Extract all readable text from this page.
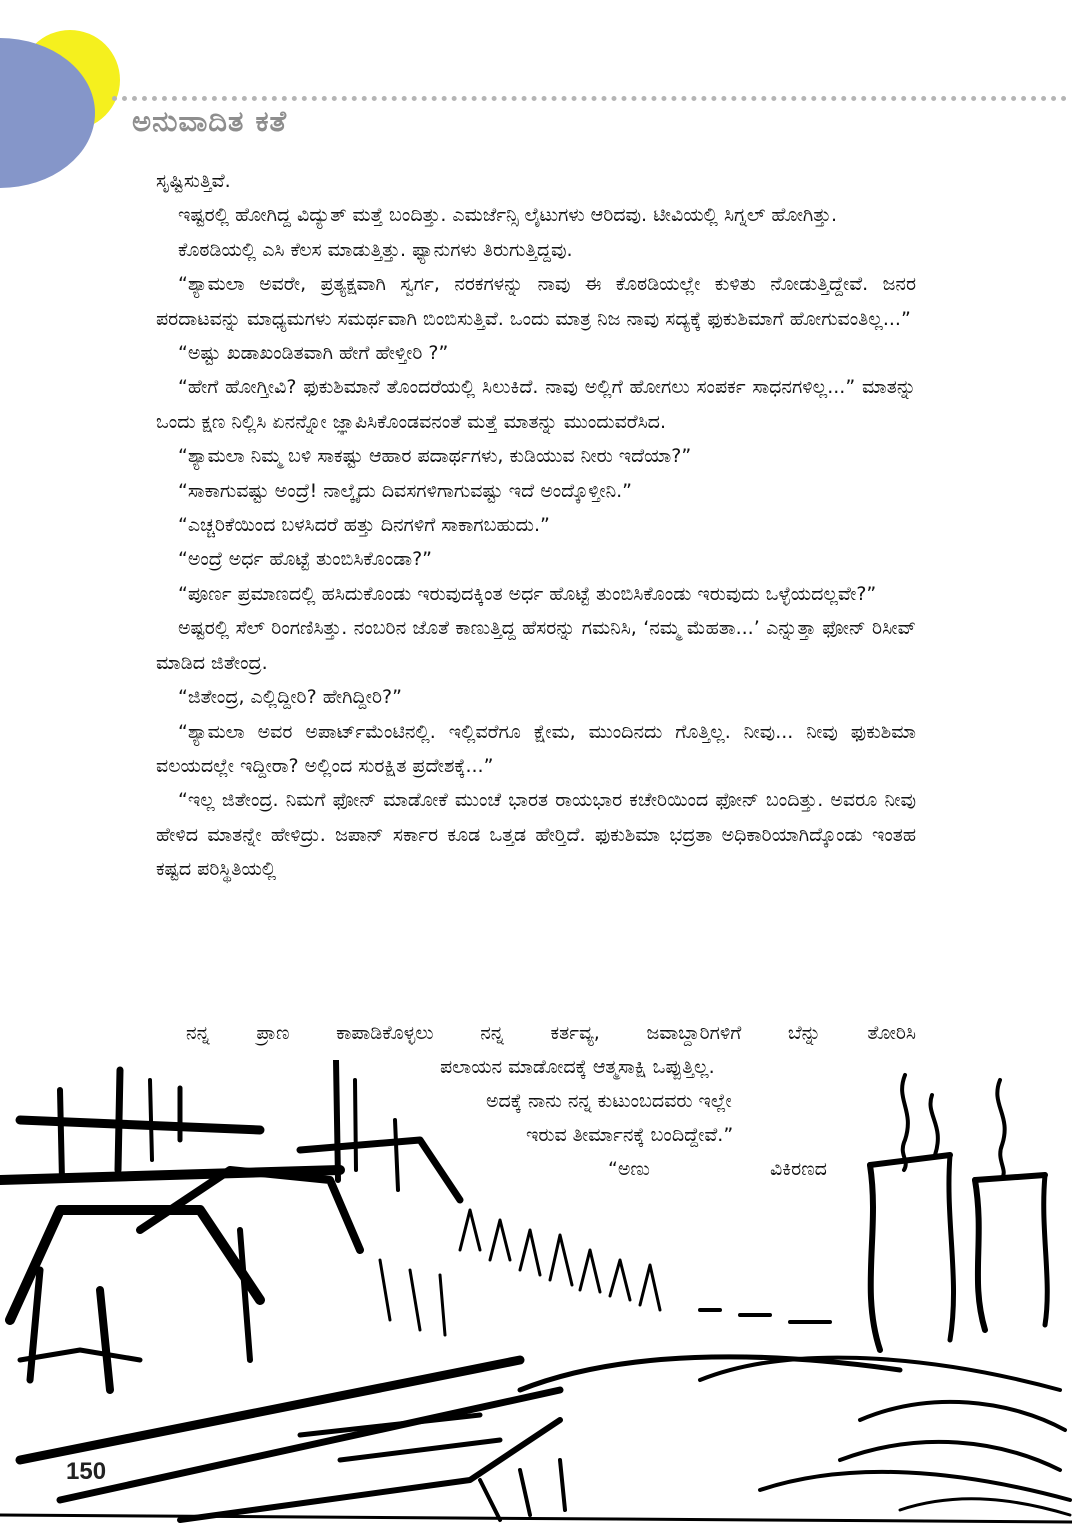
ಅನುವಾದಿತ ಕತೆ

ಸೃಷ್ಟಿಸುತ್ತಿವೆ.

ಇಷ್ಟರಲ್ಲಿ ಹೋಗಿದ್ದ ವಿದ್ಯುತ್ ಮತ್ತೆ ಬಂದಿತ್ತು. ಎಮರ್ಜೆನ್ಸಿ ಲೈಟುಗಳು ಆರಿದವು. ಟೀವಿಯಲ್ಲಿ ಸಿಗ್ನಲ್ ಹೋಗಿತ್ತು.

ಕೊಠಡಿಯಲ್ಲಿ ಎಸಿ ಕೆಲಸ ಮಾಡುತ್ತಿತ್ತು. ಫ್ಯಾನುಗಳು ತಿರುಗುತ್ತಿದ್ದವು.

“ಶ್ಯಾಮಲಾ ಅವರೇ, ಪ್ರತ್ಯಕ್ಷವಾಗಿ ಸ್ವರ್ಗ, ನರಕಗಳನ್ನು ನಾವು ಈ ಕೊಠಡಿಯಲ್ಲೇ ಕುಳಿತು ನೋಡುತ್ತಿದ್ದೇವೆ. ಜನರ ಪರದಾಟವನ್ನು ಮಾಧ್ಯಮಗಳು ಸಮರ್ಥವಾಗಿ ಬಿಂಬಿಸುತ್ತಿವೆ. ಒಂದು ಮಾತ್ರ ನಿಜ ನಾವು ಸದ್ಯಕ್ಕೆ ಫುಕುಶಿಮಾಗೆ ಹೋಗುವಂತಿಲ್ಲ...”

“ಅಷ್ಟು ಖಡಾಖಂಡಿತವಾಗಿ ಹೇಗೆ ಹೇಳ್ತೀರಿ ?”

“ಹೇಗೆ ಹೋಗ್ತೀವಿ? ಫುಕುಶಿಮಾನೆ ತೊಂದರೆಯಲ್ಲಿ ಸಿಲುಕಿದೆ. ನಾವು ಅಲ್ಲಿಗೆ ಹೋಗಲು ಸಂಪರ್ಕ ಸಾಧನಗಳಿಲ್ಲ...” ಮಾತನ್ನು ಒಂದು ಕ್ಷಣ ನಿಲ್ಲಿಸಿ ಏನನ್ನೋ ಜ್ಞಾಪಿಸಿಕೊಂಡವನಂತೆ ಮತ್ತೆ ಮಾತನ್ನು ಮುಂದುವರೆಸಿದ.

“ಶ್ಯಾಮಲಾ ನಿಮ್ಮ ಬಳಿ ಸಾಕಷ್ಟು ಆಹಾರ ಪದಾರ್ಥಗಳು, ಕುಡಿಯುವ ನೀರು ಇದೆಯಾ?”

“ಸಾಕಾಗುವಷ್ಟು ಅಂದ್ರೆ! ನಾಲ್ಕೈದು ದಿವಸಗಳಿಗಾಗುವಷ್ಟು ಇದೆ ಅಂದ್ಕೊಳ್ತೀನಿ.”

“ಎಚ್ಚರಿಕೆಯಿಂದ ಬಳಸಿದರೆ ಹತ್ತು ದಿನಗಳಿಗೆ ಸಾಕಾಗಬಹುದು.”

“ಅಂದ್ರೆ ಅರ್ಧ ಹೊಟ್ಟೆ ತುಂಬಿಸಿಕೊಂಡಾ?”

“ಪೂರ್ಣ ಪ್ರಮಾಣದಲ್ಲಿ ಹಸಿದುಕೊಂಡು ಇರುವುದಕ್ಕಿಂತ ಅರ್ಧ ಹೊಟ್ಟೆ ತುಂಬಿಸಿಕೊಂಡು ಇರುವುದು ಒಳ್ಳೆಯದಲ್ಲವೇ?”

ಅಷ್ಟರಲ್ಲಿ ಸೆಲ್ ರಿಂಗಣಿಸಿತ್ತು. ನಂಬರಿನ ಜೊತೆ ಕಾಣುತ್ತಿದ್ದ ಹೆಸರನ್ನು ಗಮನಿಸಿ, ‘ನಮ್ಮ ಮೆಹತಾ...’ ಎನ್ನುತ್ತಾ ಫೋನ್ ರಿಸೀವ್ ಮಾಡಿದ ಜಿತೇಂದ್ರ.

“ಜಿತೇಂದ್ರ, ಎಲ್ಲಿದ್ದೀರಿ? ಹೇಗಿದ್ದೀರಿ?”

“ಶ್ಯಾಮಲಾ ಅವರ ಅಪಾರ್ಟ್‌ಮೆಂಟಿನಲ್ಲಿ. ಇಲ್ಲಿವರೆಗೂ ಕ್ಷೇಮ, ಮುಂದಿನದು ಗೊತ್ತಿಲ್ಲ. ನೀವು... ನೀವು ಫುಕುಶಿಮಾ ವಲಯದಲ್ಲೇ ಇದ್ದೀರಾ? ಅಲ್ಲಿಂದ ಸುರಕ್ಷಿತ ಪ್ರದೇಶಕ್ಕೆ...”

“ಇಲ್ಲ ಜಿತೇಂದ್ರ. ನಿಮಗೆ ಫೋನ್ ಮಾಡೋಕೆ ಮುಂಚೆ ಭಾರತ ರಾಯಭಾರ ಕಚೇರಿಯಿಂದ ಫೋನ್ ಬಂದಿತ್ತು. ಅವರೂ ನೀವು ಹೇಳಿದ ಮಾತನ್ನೇ ಹೇಳಿದ್ರು. ಜಪಾನ್ ಸರ್ಕಾರ ಕೂಡ ಒತ್ತಡ ಹೇರ್‍ತಿದೆ. ಫುಕುಶಿಮಾ ಭದ್ರತಾ ಅಧಿಕಾರಿಯಾಗಿದ್ಕೊಂಡು ಇಂತಹ ಕಷ್ಟದ ಪರಿಸ್ಥಿತಿಯಲ್ಲಿ

ನನ್ನ ಪ್ರಾಣ ಕಾಪಾಡಿಕೊಳ್ಳಲು ನನ್ನ ಕರ್ತವ್ಯ, ಜವಾಬ್ದಾರಿಗಳಿಗೆ ಬೆನ್ನು ತೋರಿಸಿ
ಪಲಾಯನ ಮಾಡೋದಕ್ಕೆ ಆತ್ಮಸಾಕ್ಷಿ ಒಪ್ಪುತ್ತಿಲ್ಲ.
ಅದಕ್ಕೆ ನಾನು ನನ್ನ ಕುಟುಂಬದವರು ಇಲ್ಲೇ
ಇರುವ ತೀರ್ಮಾನಕ್ಕೆ ಬಂದಿದ್ದೇವೆ.”
“ಅಣು	ವಿಕಿರಣದ
150
